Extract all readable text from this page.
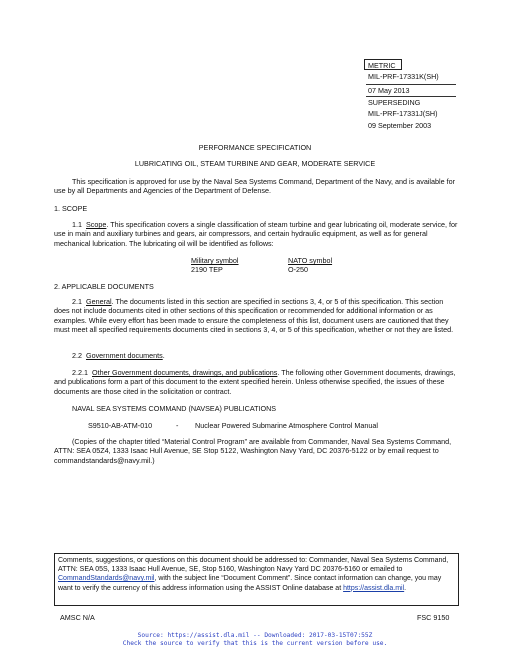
METRIC
MIL-PRF-17331K(SH)
07 May 2013
SUPERSEDING
MIL-PRF-17331J(SH)
09 September 2003
PERFORMANCE SPECIFICATION
LUBRICATING OIL, STEAM TURBINE AND GEAR, MODERATE SERVICE
This specification is approved for use by the Naval Sea Systems Command, Department of the Navy, and is available for use by all Departments and Agencies of the Department of Defense.
1. SCOPE
1.1 Scope. This specification covers a single classification of steam turbine and gear lubricating oil, moderate service, for use in main and auxiliary turbines and gears, air compressors, and certain hydraulic equipment, as well as for general mechanical lubrication. The lubricating oil will be identified as follows:
Military symbol	NATO symbol
2190 TEP	O-250
2. APPLICABLE DOCUMENTS
2.1 General. The documents listed in this section are specified in sections 3, 4, or 5 of this specification. This section does not include documents cited in other sections of this specification or recommended for additional information or as examples. While every effort has been made to ensure the completeness of this list, document users are cautioned that they must meet all specified requirements documents cited in sections 3, 4, or 5 of this specification, whether or not they are listed.
2.2 Government documents.
2.2.1 Other Government documents, drawings, and publications. The following other Government documents, drawings, and publications form a part of this document to the extent specified herein. Unless otherwise specified, the issues of these documents are those cited in the solicitation or contract.
NAVAL SEA SYSTEMS COMMAND (NAVSEA) PUBLICATIONS
S9510-AB-ATM-010	- Nuclear Powered Submarine Atmosphere Control Manual
(Copies of the chapter titled “Material Control Program” are available from Commander, Naval Sea Systems Command, ATTN: SEA 05Z4, 1333 Isaac Hull Avenue, SE Stop 5122, Washington Navy Yard, DC 20376-5122 or by email request to commandstandards@navy.mil.)
Comments, suggestions, or questions on this document should be addressed to: Commander, Naval Sea Systems Command, ATTN: SEA 05S, 1333 Isaac Hull Avenue, SE, Stop 5160, Washington Navy Yard DC 20376-5160 or emailed to CommandStandards@navy.mil, with the subject line “Document Comment”. Since contact information can change, you may want to verify the currency of this address information using the ASSIST Online database at https://assist.dla.mil.
AMSC N/A	FSC 9150
Source: https://assist.dla.mil -- Downloaded: 2017-03-15T07:55Z
Check the source to verify that this is the current version before use.
